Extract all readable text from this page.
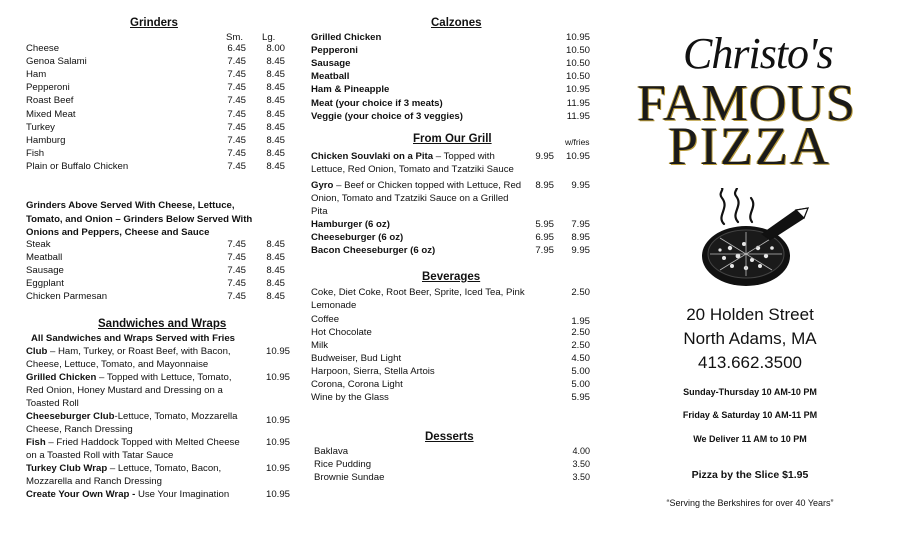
Grinders
Sm. Lg.
Cheese	6.45	8.00
Genoa Salami	7.45	8.45
Ham	7.45	8.45
Pepperoni	7.45	8.45
Roast Beef	7.45	8.45
Mixed Meat	7.45	8.45
Turkey	7.45	8.45
Hamburg	7.45	8.45
Fish	7.45	8.45
Plain or Buffalo Chicken	7.45	8.45
Grinders Above Served With Cheese, Lettuce, Tomato, and Onion – Grinders Below Served With Onions and Peppers, Cheese and Sauce
Steak	7.45	8.45
Meatball	7.45	8.45
Sausage	7.45	8.45
Eggplant	7.45	8.45
Chicken Parmesan	7.45	8.45
Sandwiches and Wraps
All Sandwiches and Wraps Served with Fries
Club – Ham, Turkey, or Roast Beef, with Bacon, Cheese, Lettuce, Tomato, and Mayonnaise
10.95
Grilled Chicken – Topped with Lettuce, Tomato, Red Onion, Honey Mustard and Dressing on a Toasted Roll
10.95
Cheeseburger Club-Lettuce, Tomato, Mozzarella Cheese, Ranch Dressing
10.95
Fish – Fried Haddock Topped with Melted Cheese on a Toasted Roll with Tatar Sauce
10.95
Turkey Club Wrap – Lettuce, Tomato, Bacon, Mozzarella and Ranch Dressing
10.95
Create Your Own Wrap - Use Your Imagination	10.95
Calzones
Grilled Chicken	10.95
Pepperoni	10.50
Sausage	10.50
Meatball	10.50
Ham & Pineapple	10.95
Meat (your choice if 3 meats)	11.95
Veggie (your choice of 3 veggies)	11.95
From Our Grill	w/fries
Chicken Souvlaki on a Pita – Topped with Lettuce, Red Onion, Tomato and Tzatziki Sauce
9.95	10.95
Gyro – Beef or Chicken topped with Lettuce, Red Onion, Tomato and Tzatziki Sauce on a Grilled Pita
8.95	9.95
Hamburger (6 oz)	5.95	7.95
Cheeseburger (6 oz)	6.95	8.95
Bacon Cheeseburger (6 oz)	7.95	9.95
Beverages
Coke, Diet Coke, Root Beer, Sprite, Iced Tea, Pink Lemonade
2.50
Coffee	1.95
Hot Chocolate	2.50
Milk	2.50
Budweiser, Bud Light	4.50
Harpoon, Sierra, Stella Artois	5.00
Corona, Corona Light	5.00
Wine by the Glass	5.95
Desserts
Baklava	4.00
Rice Pudding	3.50
Brownie Sundae	3.50
Christo's
FAMOUS
PIZZA
20 Holden Street
North Adams, MA
413.662.3500
Sunday-Thursday 10 AM-10 PM
Friday & Saturday 10 AM-11 PM
We Deliver 11 AM to 10 PM
Pizza by the Slice $1.95
“Serving the Berkshires for over 40 Years”
